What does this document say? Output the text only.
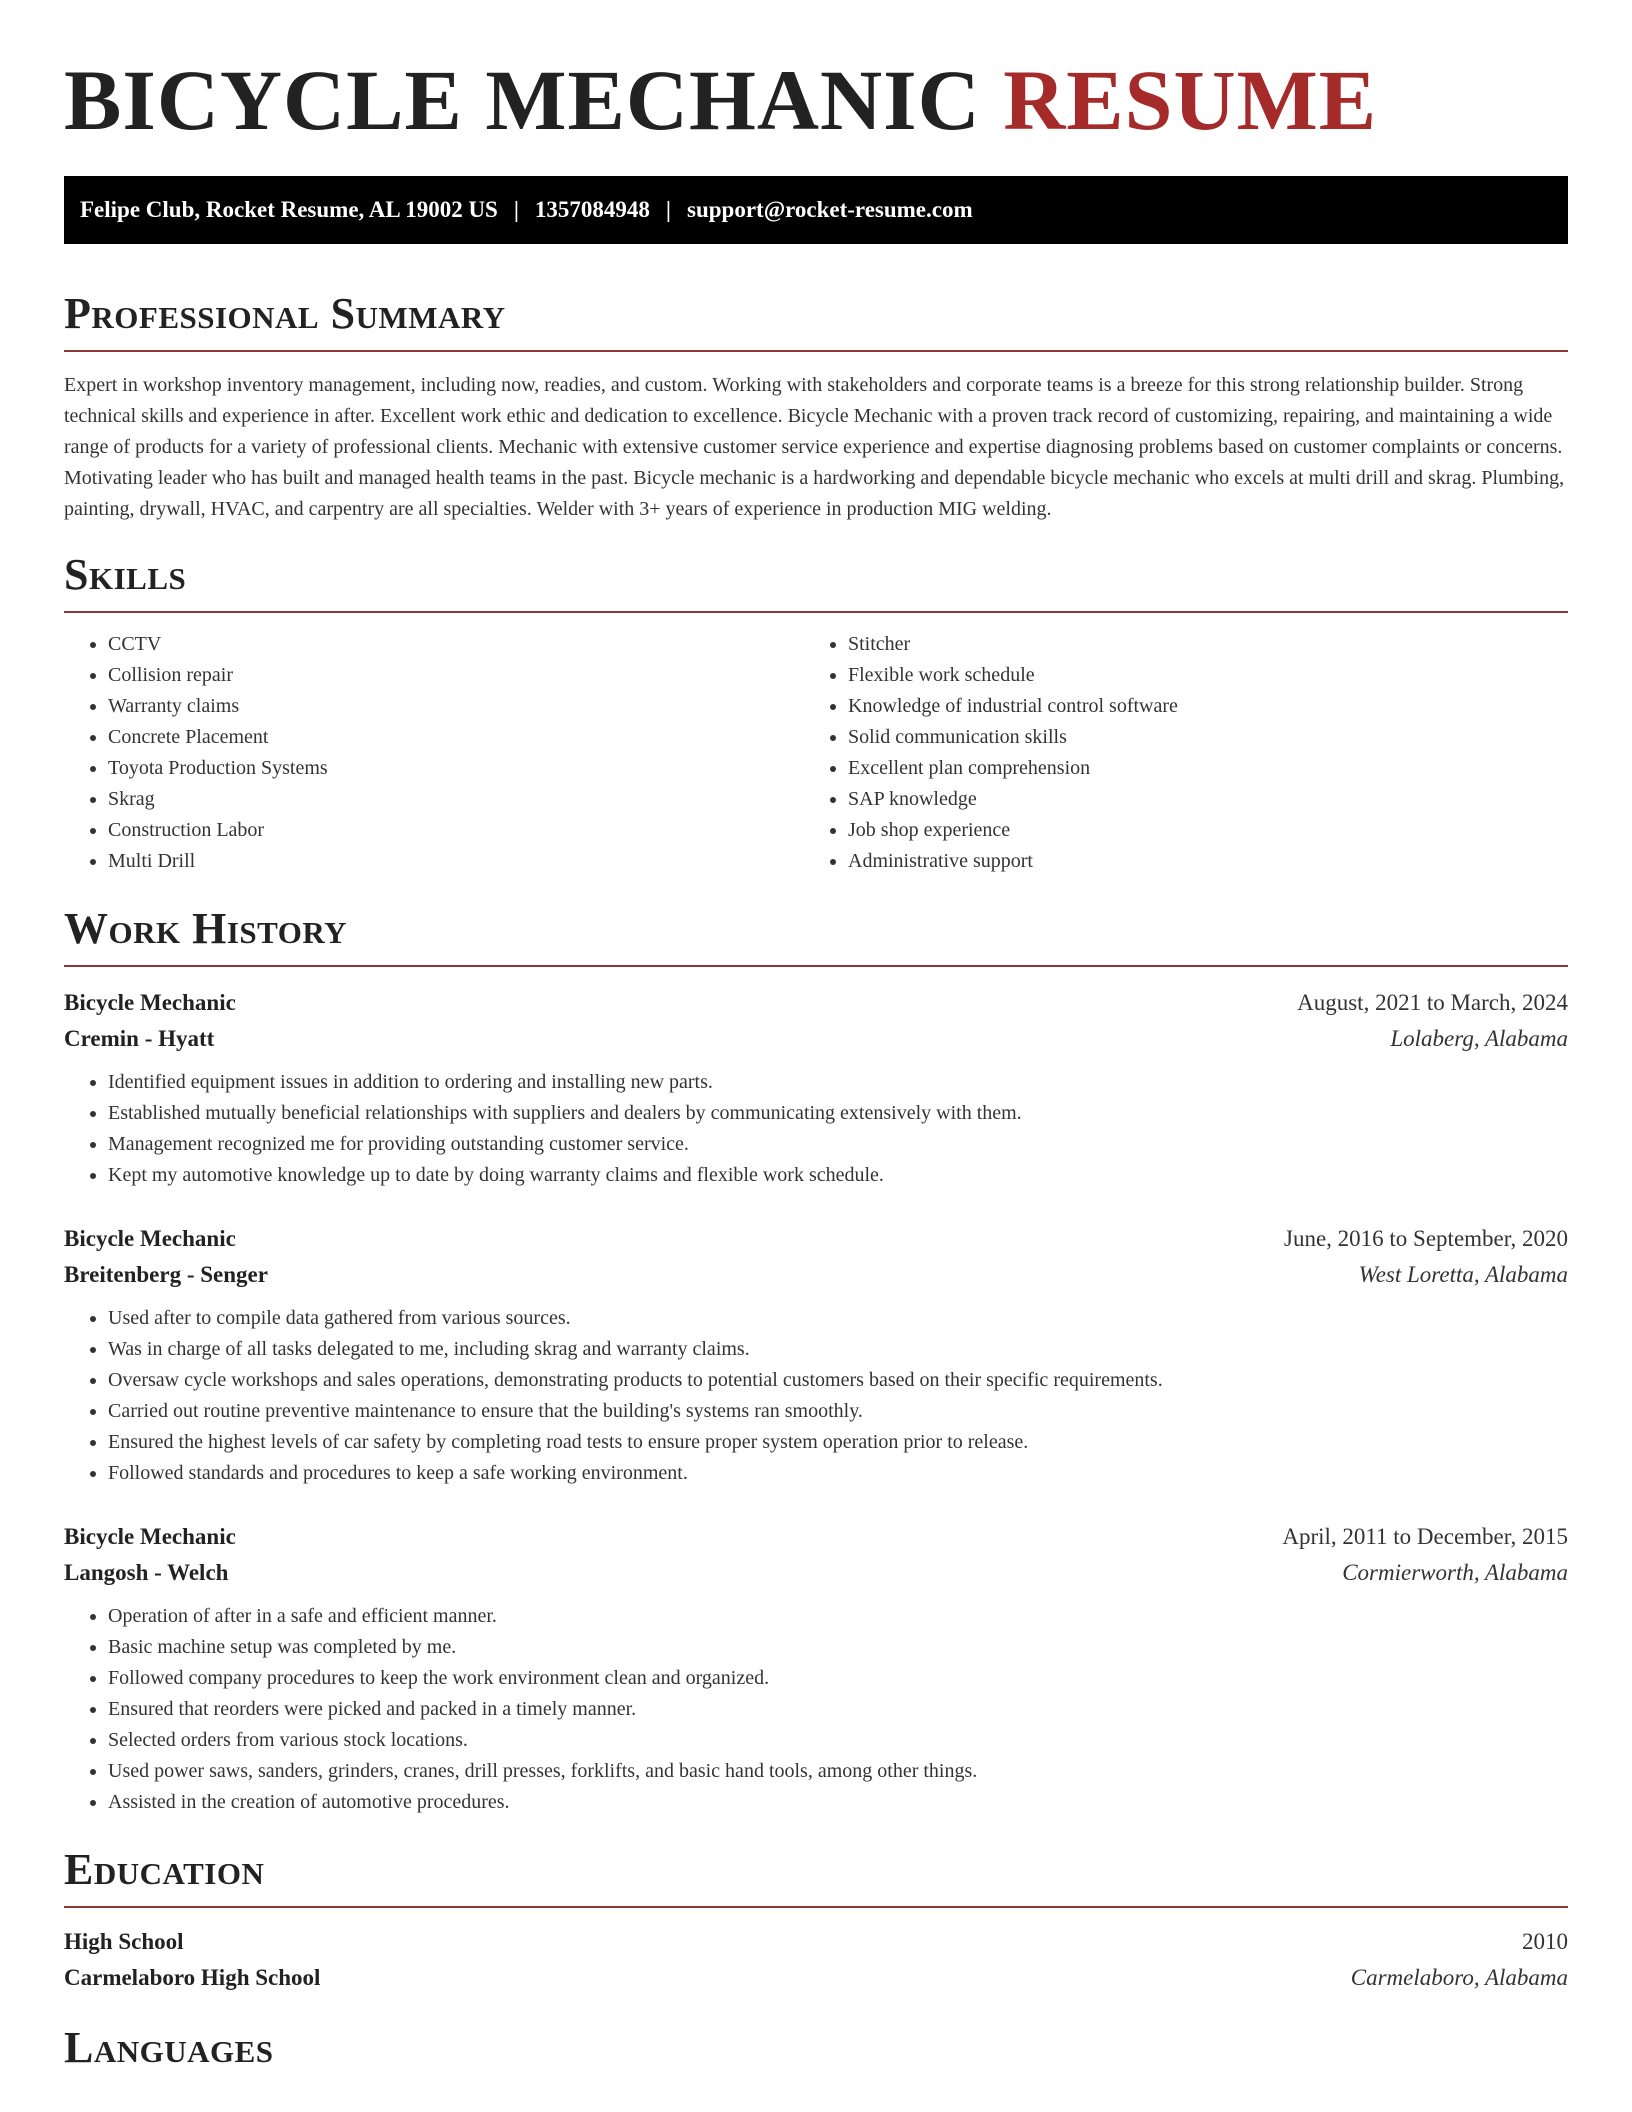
BICYCLE MECHANIC RESUME
Felipe Club, Rocket Resume, AL 19002 US | 1357084948 | support@rocket-resume.com
Professional Summary

Expert in workshop inventory management, including now, readies, and custom. Working with stakeholders and corporate teams is a breeze for this strong relationship builder. Strong technical skills and experience in after. Excellent work ethic and dedication to excellence. Bicycle Mechanic with a proven track record of customizing, repairing, and maintaining a wide range of products for a variety of professional clients. Mechanic with extensive customer service experience and expertise diagnosing problems based on customer complaints or concerns. Motivating leader who has built and managed health teams in the past. Bicycle mechanic is a hardworking and dependable bicycle mechanic who excels at multi drill and skrag. Plumbing, painting, drywall, HVAC, and carpentry are all specialties. Welder with 3+ years of experience in production MIG welding.

Skills
• CCTV
• Collision repair
• Warranty claims
• Concrete Placement
• Toyota Production Systems
• Skrag
• Construction Labor
• Multi Drill
• Stitcher
• Flexible work schedule
• Knowledge of industrial control software
• Solid communication skills
• Excellent plan comprehension
• SAP knowledge
• Job shop experience
• Administrative support
Work History
Bicycle Mechanic	August, 2021 to March, 2024
Cremin - Hyatt	Lolaberg, Alabama
• Identified equipment issues in addition to ordering and installing new parts.
• Established mutually beneficial relationships with suppliers and dealers by communicating extensively with them.
• Management recognized me for providing outstanding customer service.
• Kept my automotive knowledge up to date by doing warranty claims and flexible work schedule.
Bicycle Mechanic	June, 2016 to September, 2020
Breitenberg - Senger	West Loretta, Alabama
• Used after to compile data gathered from various sources.
• Was in charge of all tasks delegated to me, including skrag and warranty claims.
• Oversaw cycle workshops and sales operations, demonstrating products to potential customers based on their specific requirements.
• Carried out routine preventive maintenance to ensure that the building's systems ran smoothly.
• Ensured the highest levels of car safety by completing road tests to ensure proper system operation prior to release.
• Followed standards and procedures to keep a safe working environment.
Bicycle Mechanic	April, 2011 to December, 2015
Langosh - Welch	Cormierworth, Alabama
• Operation of after in a safe and efficient manner.
• Basic machine setup was completed by me.
• Followed company procedures to keep the work environment clean and organized.
• Ensured that reorders were picked and packed in a timely manner.
• Selected orders from various stock locations.
• Used power saws, sanders, grinders, cranes, drill presses, forklifts, and basic hand tools, among other things.
• Assisted in the creation of automotive procedures.
Education
High School	2010
Carmelaboro High School	Carmelaboro, Alabama
Languages
